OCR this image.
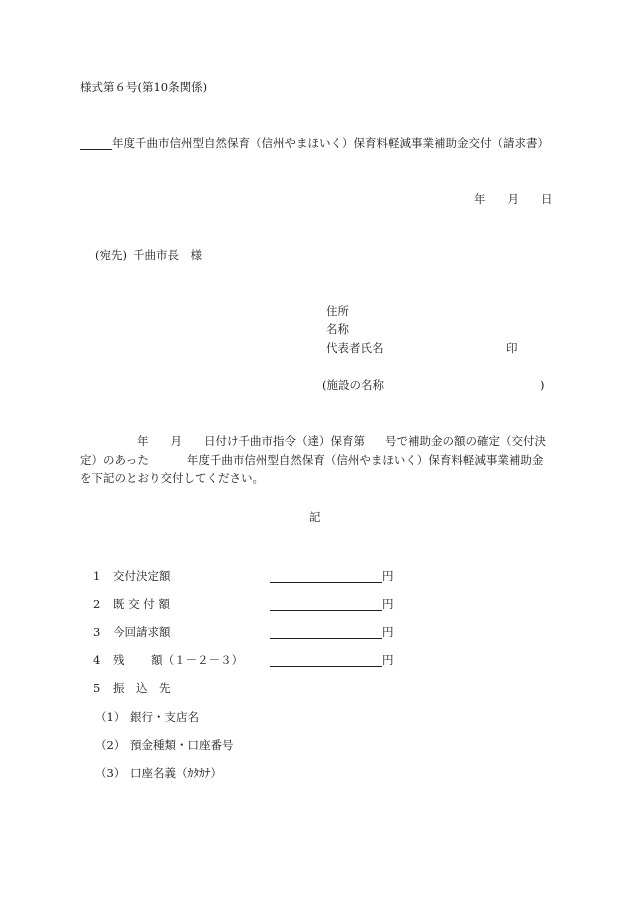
様式第６号(第10条関係)
年度千曲市信州型自然保育（信州やまほいく）保育料軽減事業補助金交付（請求書）
年 月 日
(宛先) 千曲市長　様
住所
名称
代表者氏名	印
(施設の名称	)
年 月 日付け千曲市指令（達）保育第 号で補助金の額の確定（交付決
定）のあった	年度千曲市信州型自然保育（信州やまほいく）保育料軽減事業補助金
を下記のとおり交付してください。
記
1 交付決定額	円
2 既 交 付 額	円
3 今回請求額	円
4 残　　 額（１－２－３）	円
5 振　込　先
（1） 銀行・支店名
（2） 預金種類・口座番号
（3） 口座名義（ｶﾀｶﾅ）
